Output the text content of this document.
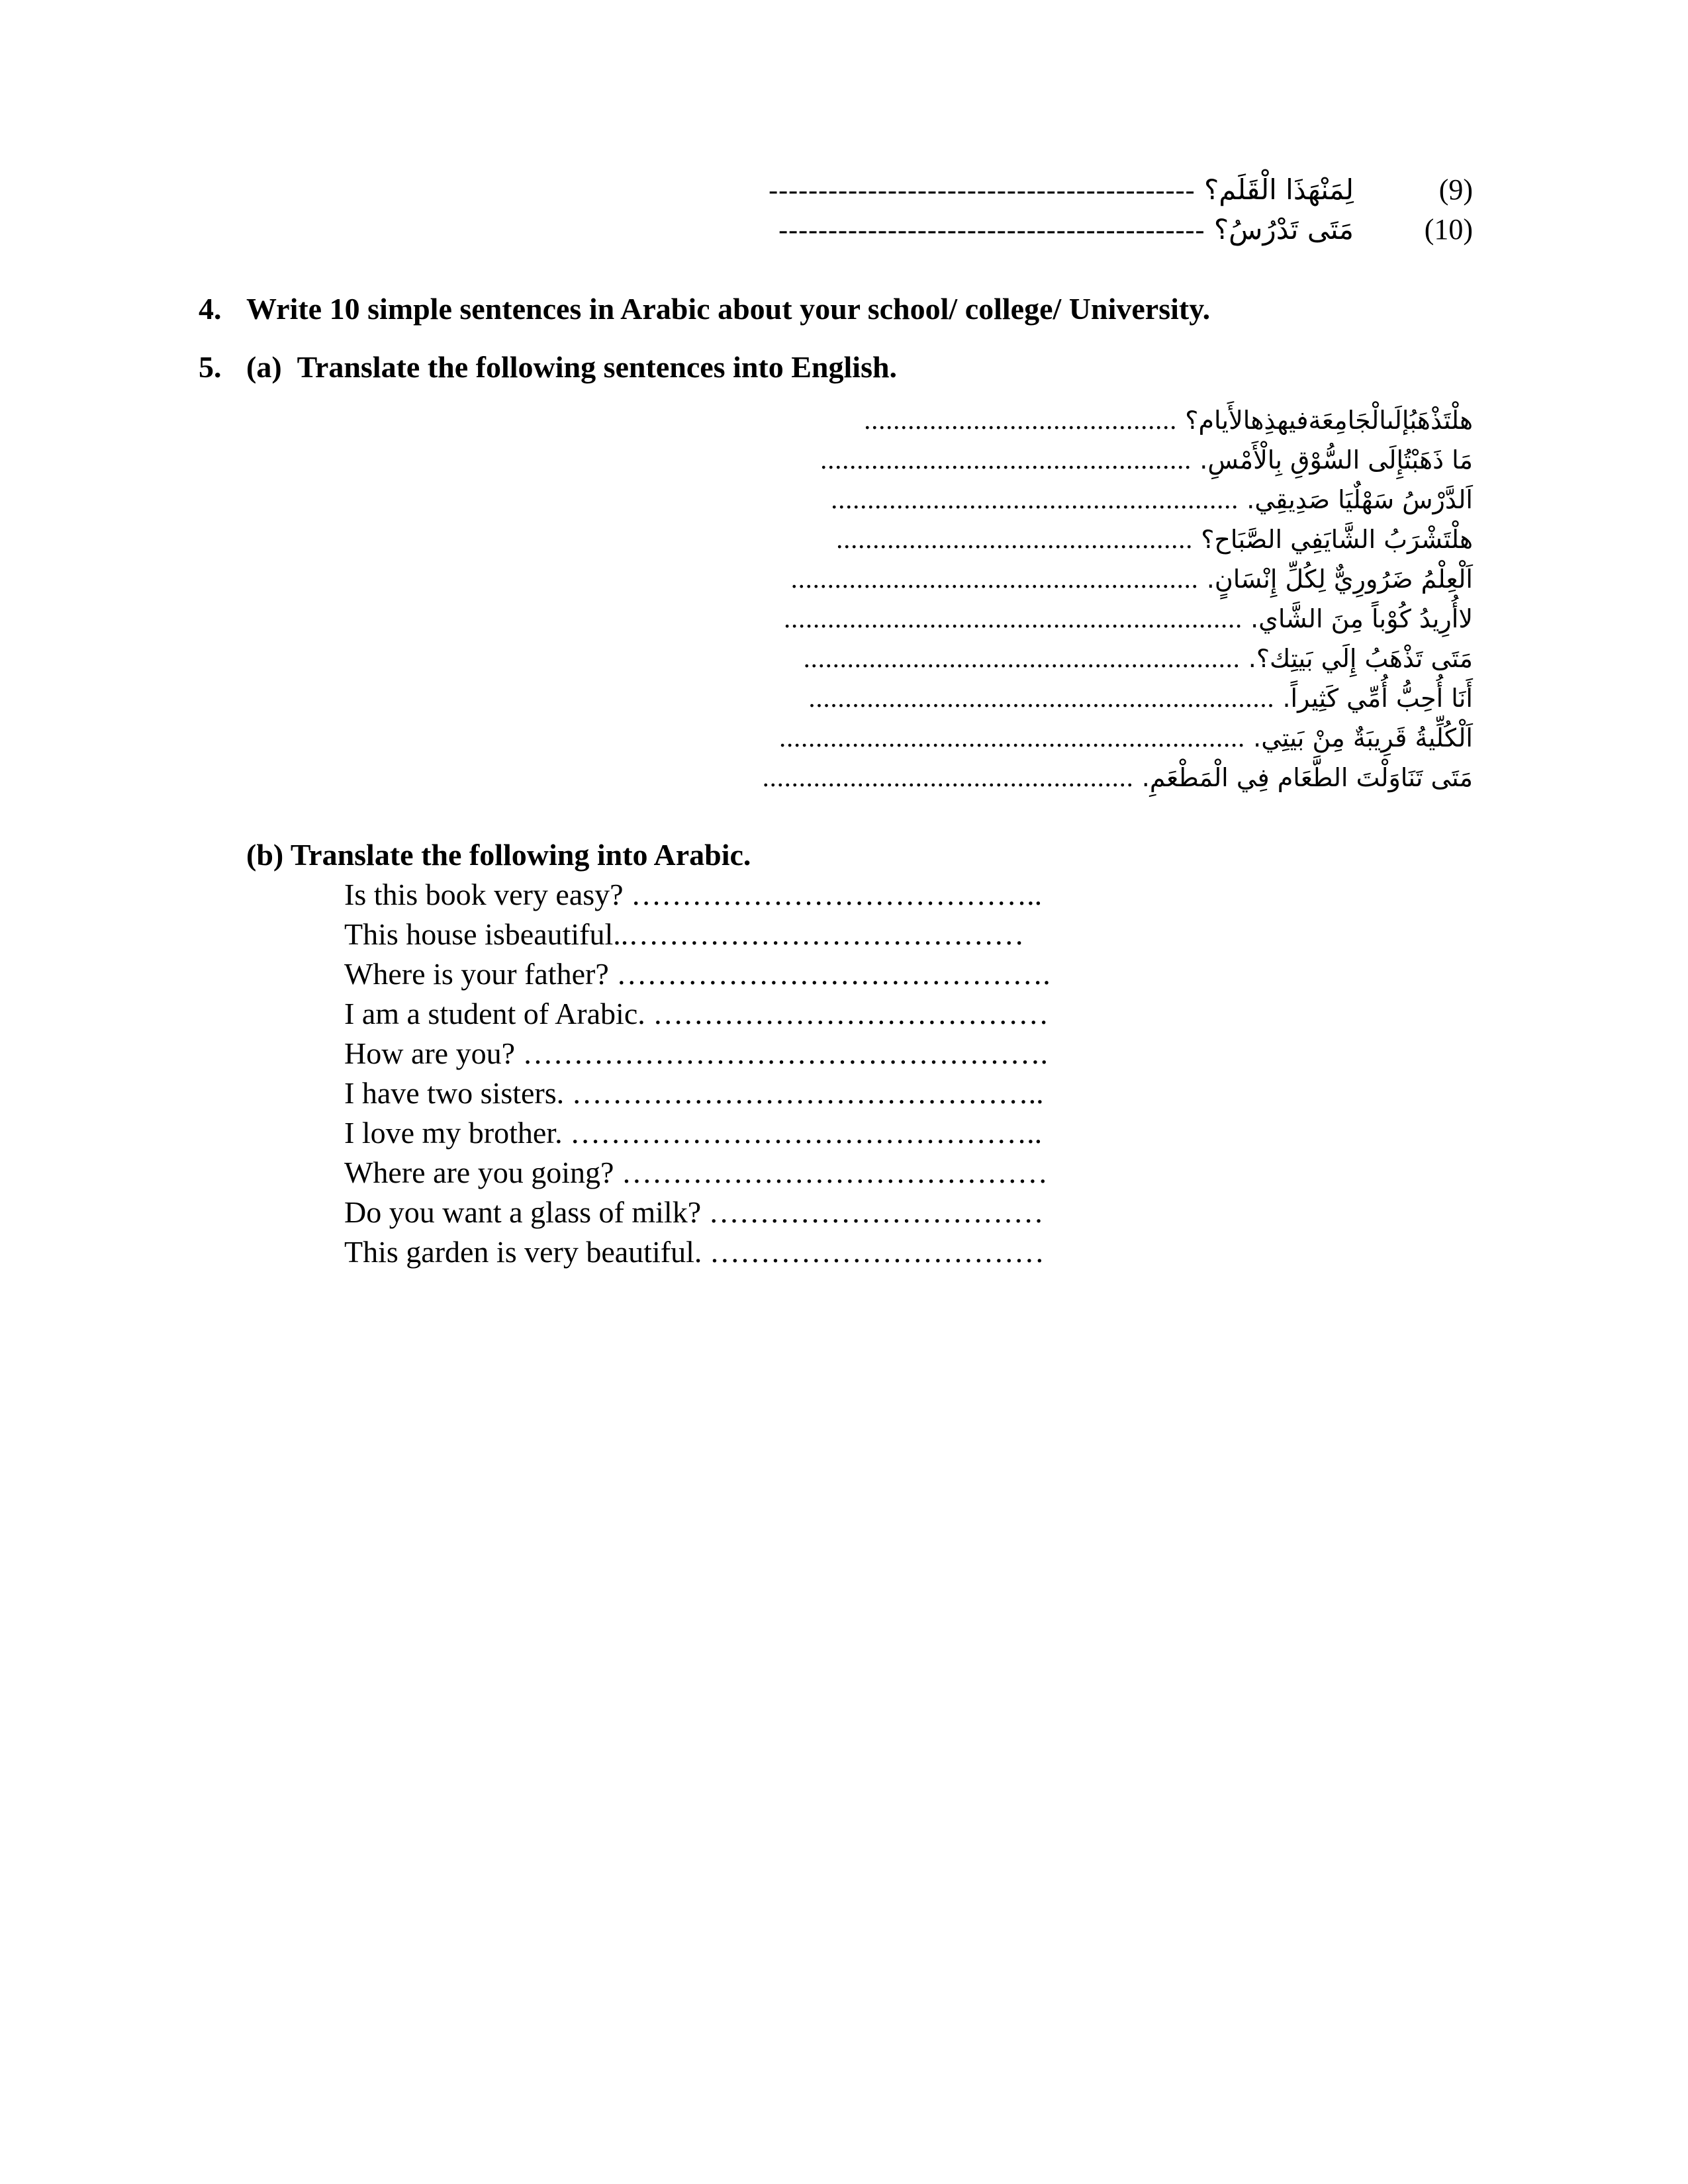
(9)لِمَنْهَذَا الْقَلَم؟ -------------------------------------------
(10)مَتَى تَدْرُسُ؟ -------------------------------------------
4. Write 10 simple sentences in Arabic about your school/ college/ University.
5. (a) Translate the following sentences into English.
هلْتَذْهَبُإلَىالْجَامِعَةفيهذِهالأَيام؟...........................................
مَا ذَهَبْتُإِلَى السُّوْقِ بِالْأَمْسِ....................................................
اَلدَّرْسُ سَهْلٌيَا صَدِيقِي.........................................................
هلْتَشْرَبُ الشَّايَفِي الصَّبَاح؟.................................................
اَلْعِلْمُ ضَرُورِيٌّ لِكُلِّ إِنْسَانٍ.........................................................
لاأُرِيدُ كُوْباً مِنَ الشَّاي................................................................
مَتَى تَذْهَبُ إِلَي بَيتِك؟.............................................................
أَنَا أُحِبُّ أُمِّي كَثِيراً.................................................................
اَلْكُلِّيةُ قَرِيبَةٌ مِنْ بَيتِي.................................................................
مَتَى تَنَاوَلْتَ الطَّعَام فِي الْمَطْعَمِ....................................................
(b) Translate the following into Arabic.
Is this book very easy? …………………………………..
This house isbeautiful..…………………………………
Where is your father? …………………………………….
I am a student of Arabic. …………………………………
How are you? …………………………………………….
I have two sisters. ………………………………………..
I love my brother. ………………………………………..
Where are you going? ……………………………………
Do you want a glass of milk? ……………………………
This garden is very beautiful. ……………………………
